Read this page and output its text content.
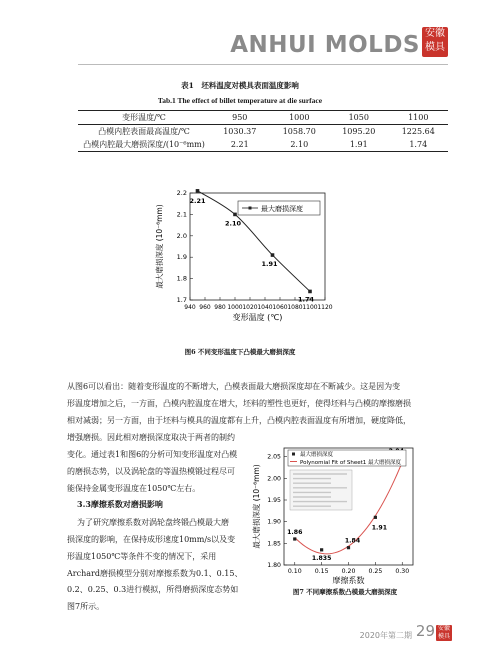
ANHUI MOLDS 安徽模具
表1　坯料温度对模具表面温度影响
Tab.1 The effect of billet temperature at die surface
变形温度/℃	950	1000	1050	1100
凸模内腔表面最高温度/℃	1030.37	1058.70	1095.20	1225.64
凸模内腔最大磨损深度/(10⁻⁶mm)	2.21	2.10	1.91	1.74
940 960 980 1000 1020 1040 1060 1080 1100 1120
1.7
1.8
1.9
2.0
2.1
2.2
2.21
2.10
1.91
1.74
最大磨损深度
变形温度 (℃)
最大磨损深度 (10⁻⁶mm)
图6 不同变形温度下凸模最大磨损深度
从图6可以看出：随着变形温度的不断增大，凸模表面最大磨损深度却在不断减少。这是因为变
形温度增加之后，一方面，凸模内腔温度在增大，坯料的塑性也更好，使得坯料与凸模的摩擦磨损
相对减弱；另一方面，由于坯料与模具的温度都有上升，凸模内腔表面温度有所增加，硬度降低，
增强磨损。因此相对磨损深度取决于两者的制约
变化。通过表1和图6的分析可知变形温度对凸模
的磨损态势，以及涡轮盘的等温热模锻过程尽可
能保持金属变形温度在1050℃左右。
3.3摩擦系数对磨损影响
为了研究摩擦系数对涡轮盘终锻凸模最大磨
损深度的影响，在保持成形速度10mm/s以及变
形温度1050℃等条件不变的情况下，采用
Archard磨损模型分别对摩擦系数为0.1、0.15、
0.2、0.25、0.3进行模拟，所得磨损深度态势如
图7所示。
0.10 0.15 0.20 0.25 0.30
1.80
1.85
1.90
1.95
2.00
2.05
1.86
1.835
1.84
1.91
最大磨损深度
Polynomial Fit of Sheet1 最大磨损深度
摩擦系数
最大磨损深度 (10⁻⁶mm)
图7 不同摩擦系数凸模最大磨损深度
2020年第二期 29 安徽模具
